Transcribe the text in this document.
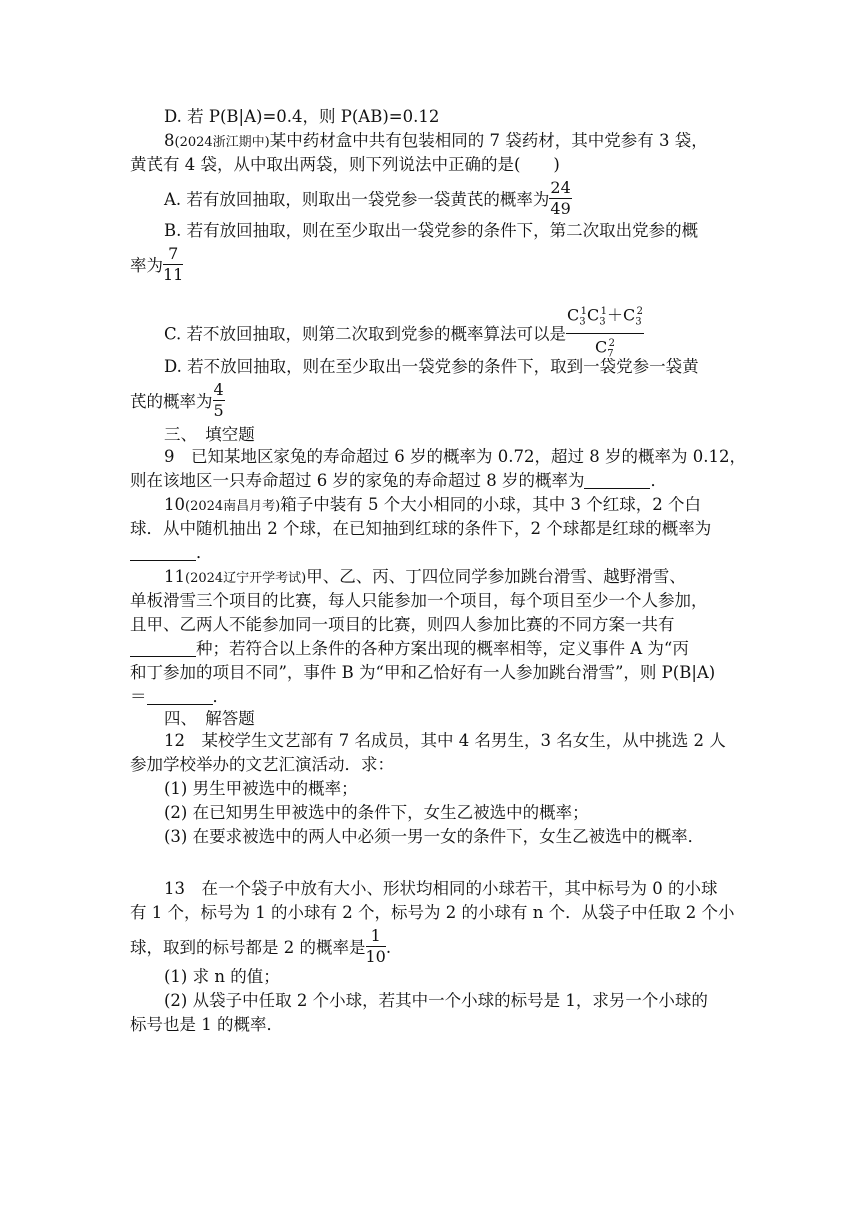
D. 若 P(B|A)=0.4，则 P(AB)=0.12
8(2024浙江期中)某中药材盒中共有包装相同的 7 袋药材，其中党参有 3 袋，
黄芪有 4 袋，从中取出两袋，则下列说法中正确的是(　　)
A. 若有放回抽取，则取出一袋党参一袋黄芪的概率为 $\frac{24}{49}$
B. 若有放回抽取，则在至少取出一袋党参的条件下，第二次取出党参的概
率为 $\frac{7}{11}$
C. 若不放回抽取，则第二次取到党参的概率算法可以是 $\frac{C_3^1C_3^1+C_3^2}{C_7^2}$
D. 若不放回抽取，则在至少取出一袋党参的条件下，取到一袋党参一袋黄
芪的概率为 $\frac{4}{5}$
三、　填空题
9　已知某地区家兔的寿命超过 6 岁的概率为 0.72，超过 8 岁的概率为 0.12，
则在该地区一只寿命超过 6 岁的家兔的寿命超过 8 岁的概率为	．
10(2024南昌月考)箱子中装有 5 个大小相同的小球，其中 3 个红球，2 个白
球．从中随机抽出 2 个球，在已知抽到红球的条件下，2 个球都是红球的概率为
．
11(2024辽宁开学考试)甲、乙、丙、丁四位同学参加跳台滑雪、越野滑雪、
单板滑雪三个项目的比赛，每人只能参加一个项目，每个项目至少一个人参加，
且甲、乙两人不能参加同一项目的比赛，则四人参加比赛的不同方案一共有
种；若符合以上条件的各种方案出现的概率相等，定义事件 A 为“丙
和丁参加的项目不同”，事件 B 为“甲和乙恰好有一人参加跳台滑雪”，则 P(B|A)
＝	．
四、　解答题
12　某校学生文艺部有 7 名成员，其中 4 名男生，3 名女生，从中挑选 2 人
参加学校举办的文艺汇演活动．求：
(1) 男生甲被选中的概率；
(2) 在已知男生甲被选中的条件下，女生乙被选中的概率；
(3) 在要求被选中的两人中必须一男一女的条件下，女生乙被选中的概率．
13　在一个袋子中放有大小、形状均相同的小球若干，其中标号为 0 的小球
有 1 个，标号为 1 的小球有 2 个，标号为 2 的小球有 n 个．从袋子中任取 2 个小
球，取到的标号都是 2 的概率是 $\frac{1}{10}$ .
(1) 求 n 的值；
(2) 从袋子中任取 2 个小球，若其中一个小球的标号是 1，求另一个小球的
标号也是 1 的概率．
